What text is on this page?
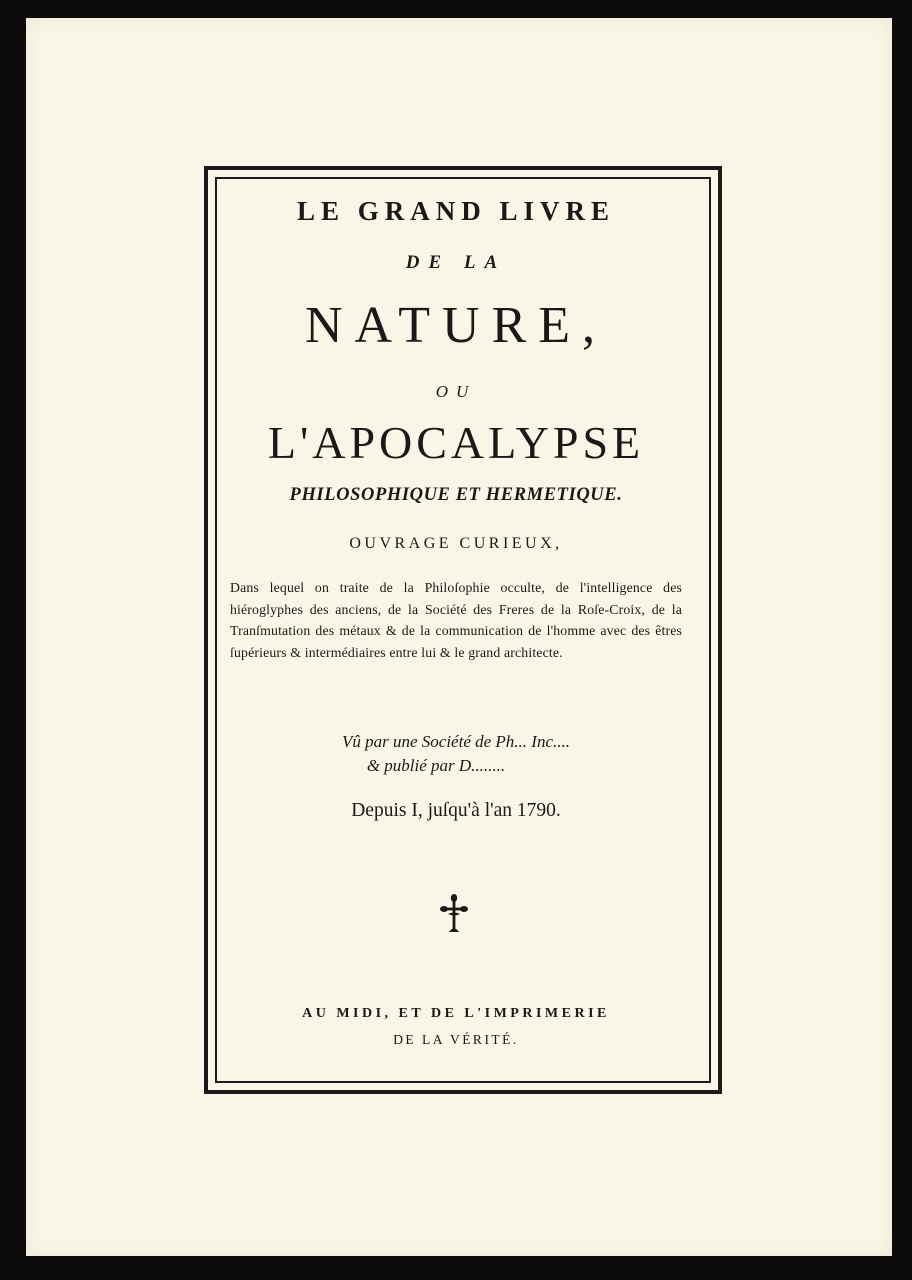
LE GRAND LIVRE
DE LA
NATURE,
OU
L'APOCALYPSE
PHILOSOPHIQUE ET HERMETIQUE.
OUVRAGE CURIEUX,
Dans lequel on traite de la Philoſophie occulte, de l'intelligence des hiéroglyphes des anciens, de la Société des Freres de la Roſe-Croix, de la Tranſmutation des métaux & de la communication de l'homme avec des êtres ſupérieurs & intermédiaires entre lui & le grand architecte.
Vû par une Société de Ph... Inc....
& publié par D........
Depuis I, juſqu'à l'an 1790.
AU MIDI, ET DE L'IMPRIMERIE
DE LA VÉRITÉ.
